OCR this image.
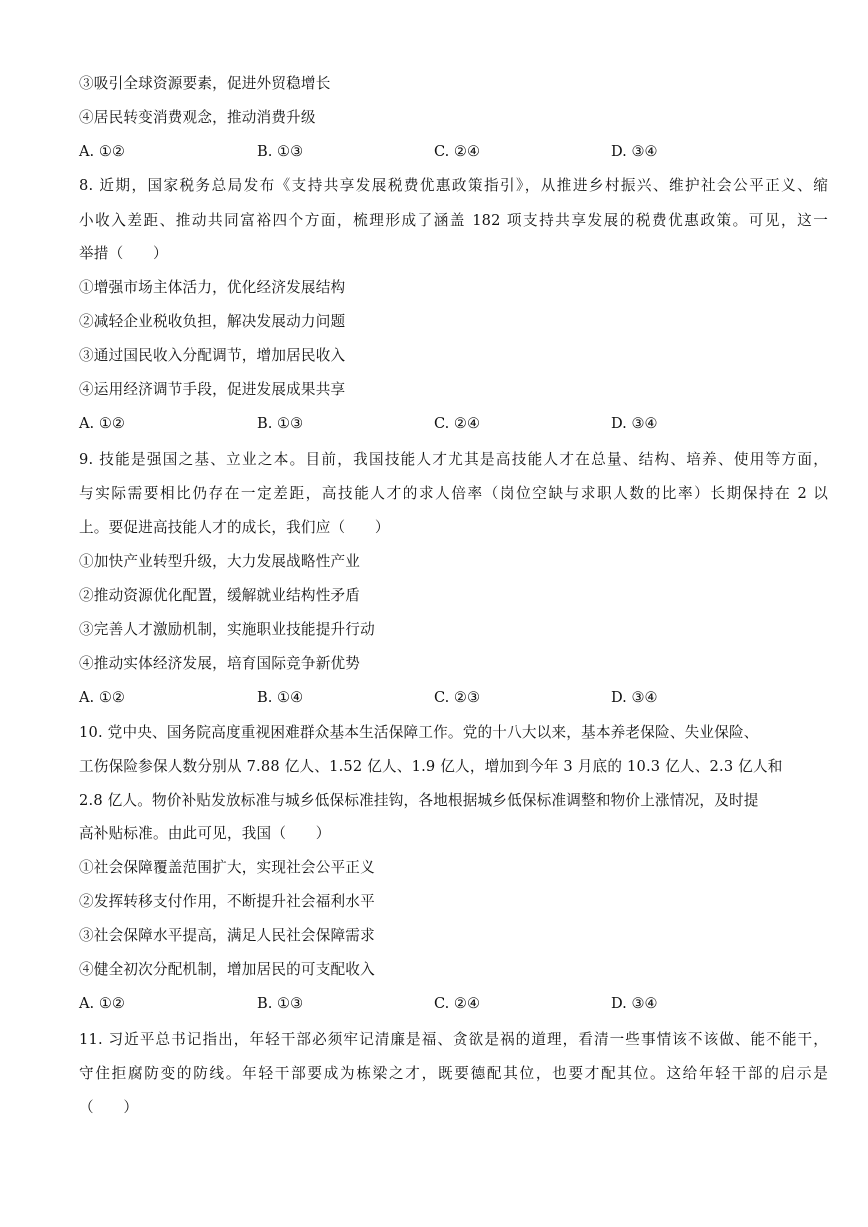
③吸引全球资源要素，促进外贸稳增长
④居民转变消费观念，推动消费升级
A. ①②	B. ①③	C. ②④	D. ③④
8. 近期，国家税务总局发布《支持共享发展税费优惠政策指引》，从推进乡村振兴、维护社会公平正义、缩
小收入差距、推动共同富裕四个方面，梳理形成了涵盖 182 项支持共享发展的税费优惠政策。可见，这一
举措（　　）
①增强市场主体活力，优化经济发展结构
②减轻企业税收负担，解决发展动力问题
③通过国民收入分配调节，增加居民收入
④运用经济调节手段，促进发展成果共享
A. ①②	B. ①③	C. ②④	D. ③④
9. 技能是强国之基、立业之本。目前，我国技能人才尤其是高技能人才在总量、结构、培养、使用等方面，
与实际需要相比仍存在一定差距，高技能人才的求人倍率（岗位空缺与求职人数的比率）长期保持在 2 以
上。要促进高技能人才的成长，我们应（　　）
①加快产业转型升级，大力发展战略性产业
②推动资源优化配置，缓解就业结构性矛盾
③完善人才激励机制，实施职业技能提升行动
④推动实体经济发展，培育国际竞争新优势
A. ①②	B. ①④	C. ②③	D. ③④
10. 党中央、国务院高度重视困难群众基本生活保障工作。党的十八大以来，基本养老保险、失业保险、
工伤保险参保人数分别从 7.88 亿人、1.52 亿人、1.9 亿人，增加到今年 3 月底的 10.3 亿人、2.3 亿人和
2.8 亿人。物价补贴发放标准与城乡低保标准挂钩，各地根据城乡低保标准调整和物价上涨情况，及时提
高补贴标准。由此可见，我国（　　）
①社会保障覆盖范围扩大，实现社会公平正义
②发挥转移支付作用，不断提升社会福利水平
③社会保障水平提高，满足人民社会保障需求
④健全初次分配机制，增加居民的可支配收入
A. ①②	B. ①③	C. ②④	D. ③④
11. 习近平总书记指出，年轻干部必须牢记清廉是福、贪欲是祸的道理，看清一些事情该不该做、能不能干，
守住拒腐防变的防线。年轻干部要成为栋梁之才，既要德配其位，也要才配其位。这给年轻干部的启示是
（　　）
